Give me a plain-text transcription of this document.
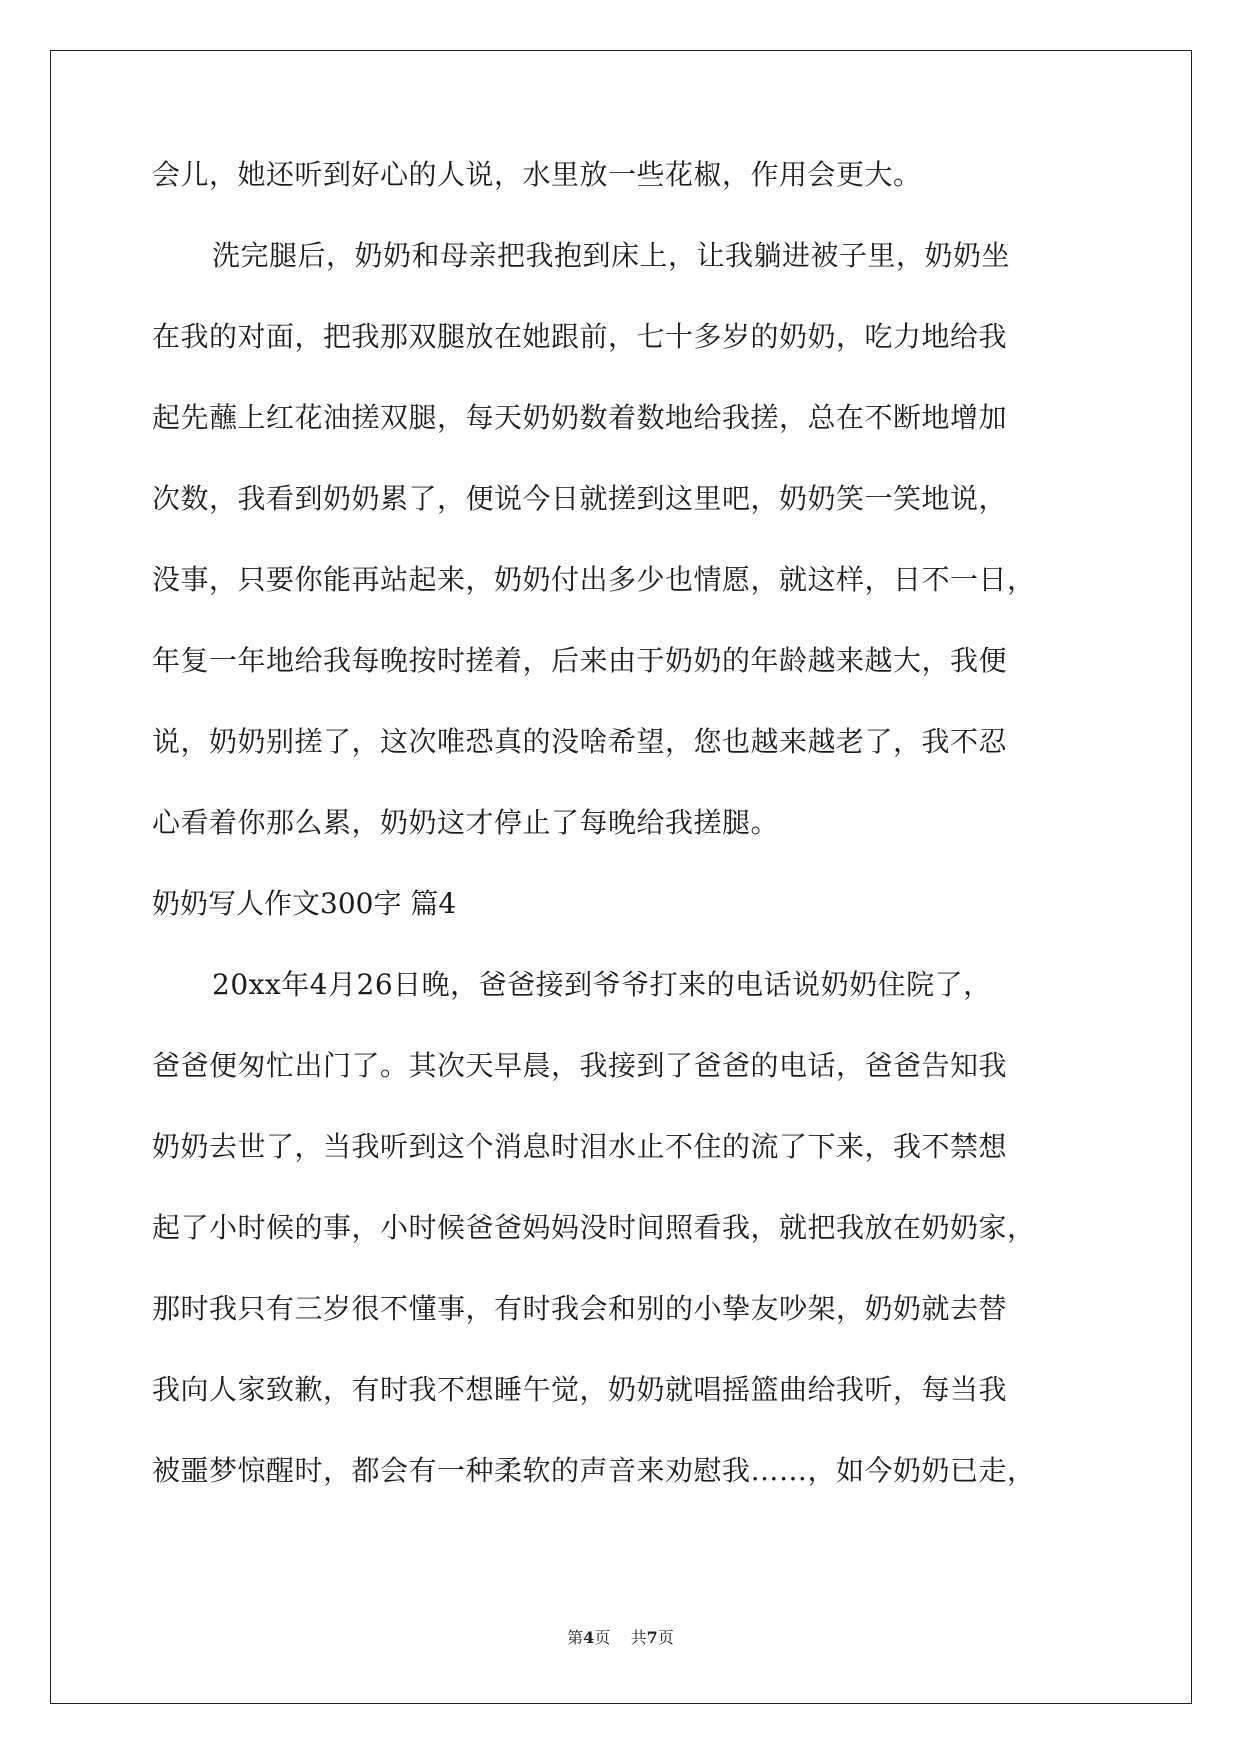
会儿，她还听到好心的人说，水里放一些花椒，作用会更大。
洗完腿后，奶奶和母亲把我抱到床上，让我躺进被子里，奶奶坐
在我的对面，把我那双腿放在她跟前，七十多岁的奶奶，吃力地给我
起先蘸上红花油搓双腿，每天奶奶数着数地给我搓，总在不断地增加
次数，我看到奶奶累了，便说今日就搓到这里吧，奶奶笑一笑地说，
没事，只要你能再站起来，奶奶付出多少也情愿，就这样，日不一日，
年复一年地给我每晚按时搓着，后来由于奶奶的年龄越来越大，我便
说，奶奶别搓了，这次唯恐真的没啥希望，您也越来越老了，我不忍
心看着你那么累，奶奶这才停止了每晚给我搓腿。
奶奶写人作文300字 篇4
20xx年4月26日晚，爸爸接到爷爷打来的电话说奶奶住院了，
爸爸便匆忙出门了。其次天早晨，我接到了爸爸的电话，爸爸告知我
奶奶去世了，当我听到这个消息时泪水止不住的流了下来，我不禁想
起了小时候的事，小时候爸爸妈妈没时间照看我，就把我放在奶奶家，
那时我只有三岁很不懂事，有时我会和别的小挚友吵架，奶奶就去替
我向人家致歉，有时我不想睡午觉，奶奶就唱摇篮曲给我听，每当我
被噩梦惊醒时，都会有一种柔软的声音来劝慰我……，如今奶奶已走，
第4页    共7页
